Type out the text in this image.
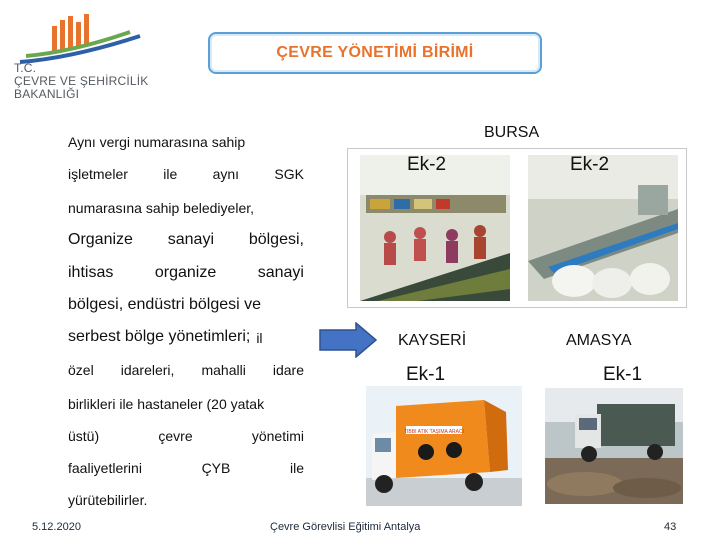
T.C.
ÇEVRE VE ŞEHİRCİLİK
BAKANLIĞI
ÇEVRE YÖNETİMİ BİRİMİ
Aynı vergi numarasına sahip
işletmeler	ile	aynı	SGK
numarasına sahip belediyeler,
Organize sanayi bölgesi,
ihtisas	organize	sanayi
bölgesi, endüstri bölgesi ve
serbest bölge yönetimleri; il
özel idareleri, mahalli idare
birlikleri ile hastaneler (20 yatak
üstü)	çevre	yönetimi
faaliyetlerini	ÇYB	ile
yürütebilirler.
BURSA
Ek-2	Ek-2
KAYSERİ	AMASYA
TIBBI ATIK TAŞIMA ARACI
Ek-1	Ek-1
5.12.2020	Çevre Görevlisi Eğitimi Antalya	43
